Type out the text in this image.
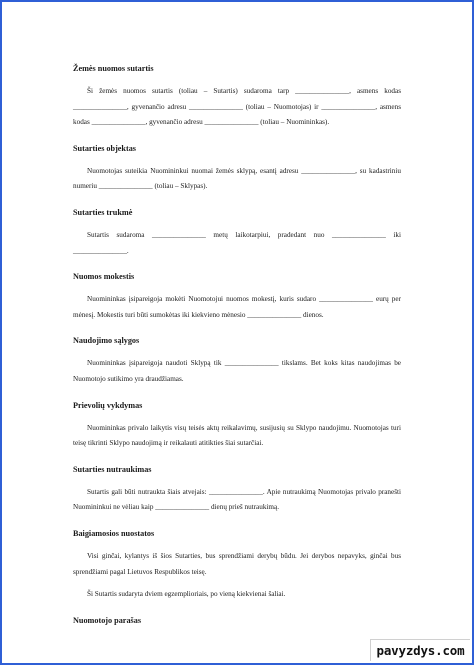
Žemės nuomos sutartis

Ši žemės nuomos sutartis (toliau – Sutartis) sudaroma tarp _______________, asmens kodas _______________, gyvenančio adresu _______________ (toliau – Nuomotojas) ir _______________, asmens kodas _______________, gyvenančio adresu _______________ (toliau – Nuomininkas).

Sutarties objektas

Nuomotojas suteikia Nuomininkui nuomai žemės sklypą, esantį adresu _______________, su kadastriniu numeriu _______________ (toliau – Sklypas).

Sutarties trukmė

Sutartis sudaroma _______________ metų laikotarpiui, pradedant nuo _______________ iki _______________.

Nuomos mokestis

Nuomininkas įsipareigoja mokėti Nuomotojui nuomos mokestį, kuris sudaro _______________ eurų per mėnesį. Mokestis turi būti sumokėtas iki kiekvieno mėnesio _______________ dienos.

Naudojimo sąlygos

Nuomininkas įsipareigoja naudoti Sklypą tik _______________ tikslams. Bet koks kitas naudojimas be Nuomotojo sutikimo yra draudžiamas.

Prievolių vykdymas

Nuomininkas privalo laikytis visų teisės aktų reikalavimų, susijusių su Sklypo naudojimu. Nuomotojas turi teisę tikrinti Sklypo naudojimą ir reikalauti atitikties šiai sutarčiai.

Sutarties nutraukimas

Sutartis gali būti nutraukta šiais atvejais: _______________. Apie nutraukimą Nuomotojas privalo pranešti Nuomininkui ne vėliau kaip _______________ dienų prieš nutraukimą.

Baigiamosios nuostatos

Visi ginčai, kylantys iš šios Sutarties, bus sprendžiami derybų būdu. Jei derybos nepavyks, ginčai bus sprendžiami pagal Lietuvos Respublikos teisę.

Ši Sutartis sudaryta dviem egzemplioriais, po vieną kiekvienai šaliai.

Nuomotojo parašas
pavyzdys.com
